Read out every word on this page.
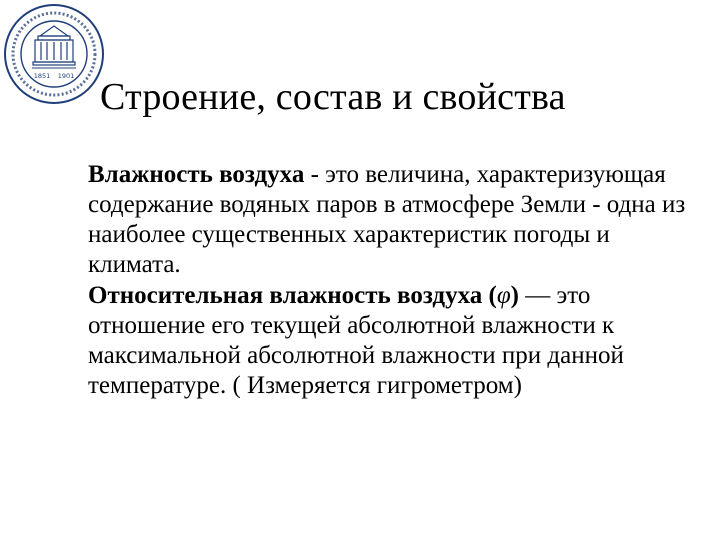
1851 1901 Строение, состав и свойства

Влажность воздуха - это величина, характеризующая содержание водяных паров в атмосфере Земли - одна из наиболее существенных характеристик погоды и климата.

Относительная влажность воздуха (φ) — это отношение его текущей абсолютной влажности к максимальной абсолютной влажности при данной температуре. ( Измеряется гигрометром)
